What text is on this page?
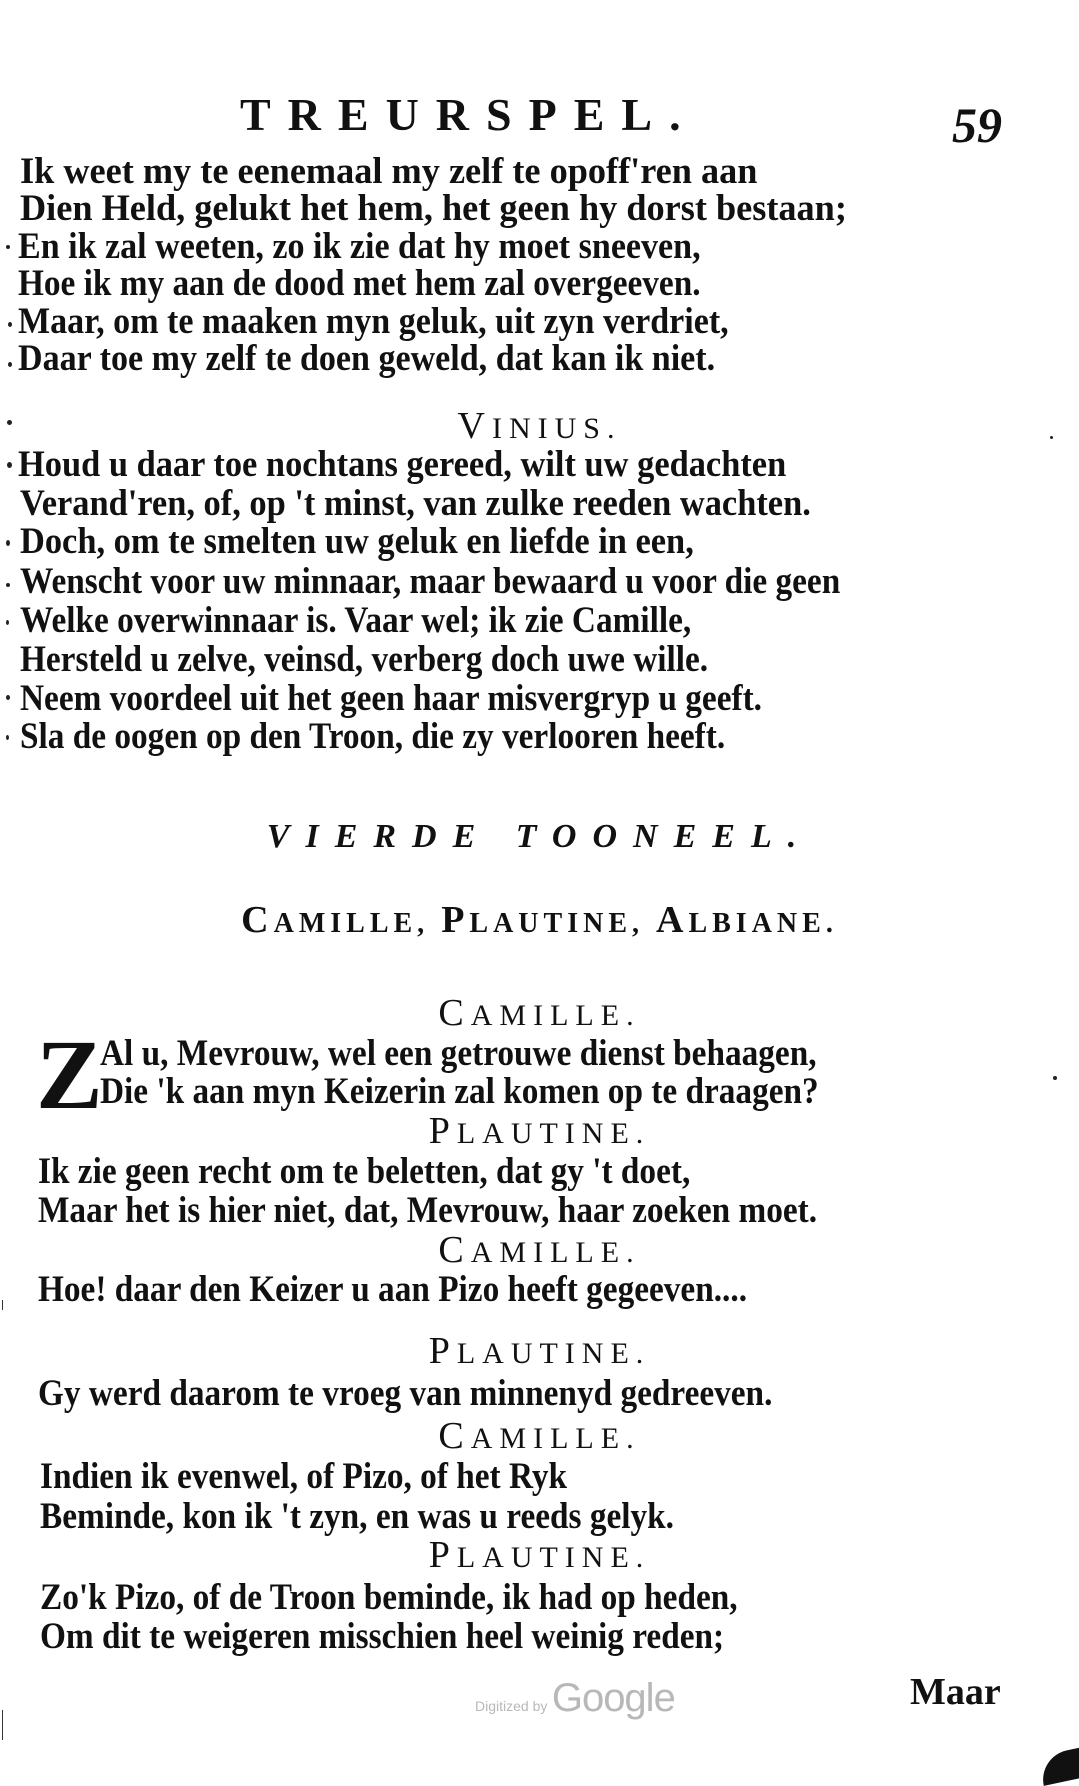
TREURSPEL.	59
Ik weet my te eenemaal my zelf te opoff'ren aan
Dien Held, gelukt het hem, het geen hy dorst bestaan;
En ik zal weeten, zo ik zie dat hy moet sneeven,
Hoe ik my aan de dood met hem zal overgeeven.
Maar, om te maaken myn geluk, uit zyn verdriet,
Daar toe my zelf te doen geweld, dat kan ik niet.
VINIUS.
Houd u daar toe nochtans gereed, wilt uw gedachten
Verand'ren, of, op 't minst, van zulke reeden wachten.
Doch, om te smelten uw geluk en liefde in een,
Wenscht voor uw minnaar, maar bewaard u voor die geen
Welke overwinnaar is. Vaar wel; ik zie Camille,
Hersteld u zelve, veinsd, verberg doch uwe wille.
Neem voordeel uit het geen haar misvergryp u geeft.
Sla de oogen op den Troon, die zy verlooren heeft.
VIERDE TOONEEL.
CAMILLE, PLAUTINE, ALBIANE.
CAMILLE.
Z
Al u, Mevrouw, wel een getrouwe dienst behaagen,
Die 'k aan myn Keizerin zal komen op te draagen?
PLAUTINE.
Ik zie geen recht om te beletten, dat gy 't doet,
Maar het is hier niet, dat, Mevrouw, haar zoeken moet.
CAMILLE.
Hoe! daar den Keizer u aan Pizo heeft gegeeven....
PLAUTINE.
Gy werd daarom te vroeg van minnenyd gedreeven.
CAMILLE.
Indien ik evenwel, of Pizo, of het Ryk
Beminde, kon ik 't zyn, en was u reeds gelyk.
PLAUTINE.
Zo'k Pizo, of de Troon beminde, ik had op heden,
Om dit te weigeren misschien heel weinig reden;
Maar
Digitized by Google
